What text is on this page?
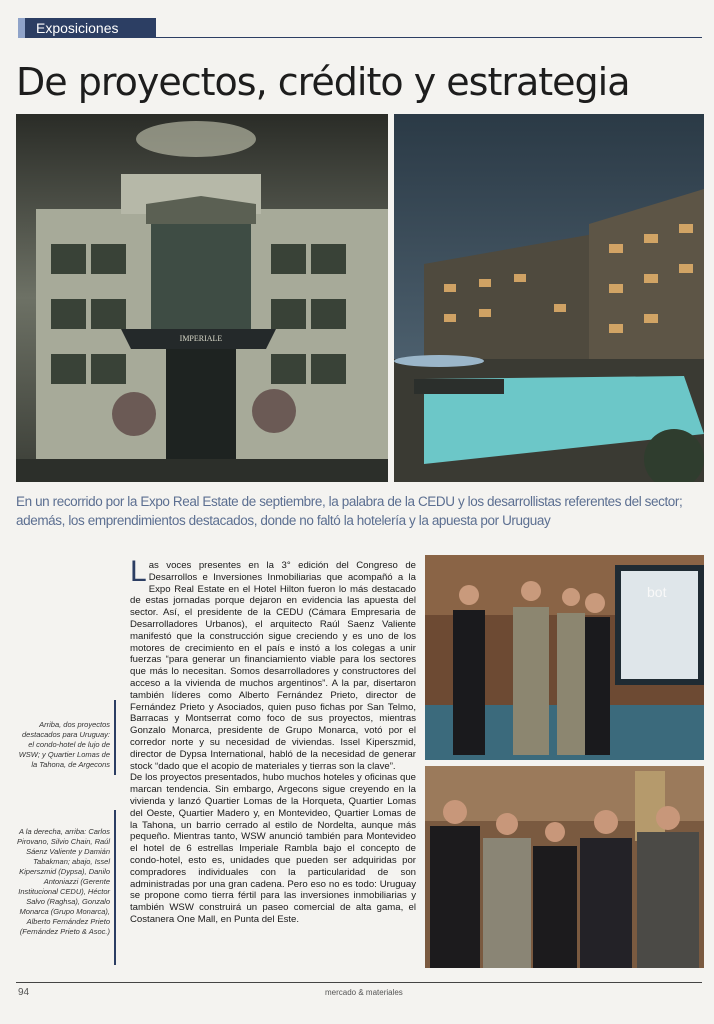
Exposiciones
De proyectos, crédito y estrategia
IMPERIALE
En un recorrido por la Expo Real Estate de septiembre, la palabra de la CEDU y los desarrollistas referentes del sector; además, los emprendimientos destacados, donde no faltó la hotelería y la apuesta por Uruguay
Arriba, dos proyectos destacados para Uruguay: el condo-hotel de lujo de WSW; y Quartier Lomas de la Tahona, de Argecons
A la derecha, arriba: Carlos Pirovano, Silvio Chain, Raúl Sáenz Valiente y Damián Tabakman; abajo, Issel Kiperszmid (Dypsa), Danilo Antoniazzi (Gerente Institucional CEDU), Héctor Salvo (Raghsa), Gonzalo Monarca (Grupo Monarca), Alberto Fernández Prieto (Fernández Prieto & Asoc.)

Las voces presentes en la 3° edición del Congreso de Desarrollos e Inversiones Inmobiliarias que acompañó a la Expo Real Estate en el Hotel Hilton fueron lo más destacado de estas jornadas porque dejaron en evidencia las apuesta del sector. Así, el presidente de la CEDU (Cámara Empresaria de Desarrolladores Urbanos), el arquitecto Raúl Saenz Valiente manifestó que la construcción sigue creciendo y es uno de los motores de crecimiento en el país e instó a los colegas a unir fuerzas “para generar un financiamiento viable para los sectores que más lo necesitan. Somos desarrolladores y constructores del acceso a la vivienda de muchos argentinos”. A la par, disertaron también líderes como Alberto Fernández Prieto, director de Fernández Prieto y Asociados, quien puso fichas por San Telmo, Barracas y Montserrat como foco de sus proyectos, mientras Gonzalo Monarca, presidente de Grupo Monarca, votó por el corredor norte y su necesidad de viviendas. Issel Kiperszmid, director de Dypsa International, habló de la necesidad de generar stock “dado que el acopio de materiales y tierras son la clave”.

De los proyectos presentados, hubo muchos hoteles y oficinas que marcan tendencia. Sin embargo, Argecons sigue creyendo en la vivienda y lanzó Quartier Lomas de la Horqueta, Quartier Lomas del Oeste, Quartier Madero y, en Montevideo, Quartier Lomas de la Tahona, un barrio cerrado al estilo de Nordelta, aunque más pequeño. Mientras tanto, WSW anunció también para Montevideo el hotel de 6 estrellas Imperiale Rambla bajo el concepto de condo-hotel, esto es, unidades que pueden ser adquiridas por compradores individuales con la particularidad de son administradas por una gran cadena. Pero eso no es todo: Uruguay se propone como tierra fértil para las inversiones inmobiliarias y también WSW construirá un paseo comercial de alta gama, el Costanera One Mall, en Punta del Este.

bot
94	mercado & materiales
